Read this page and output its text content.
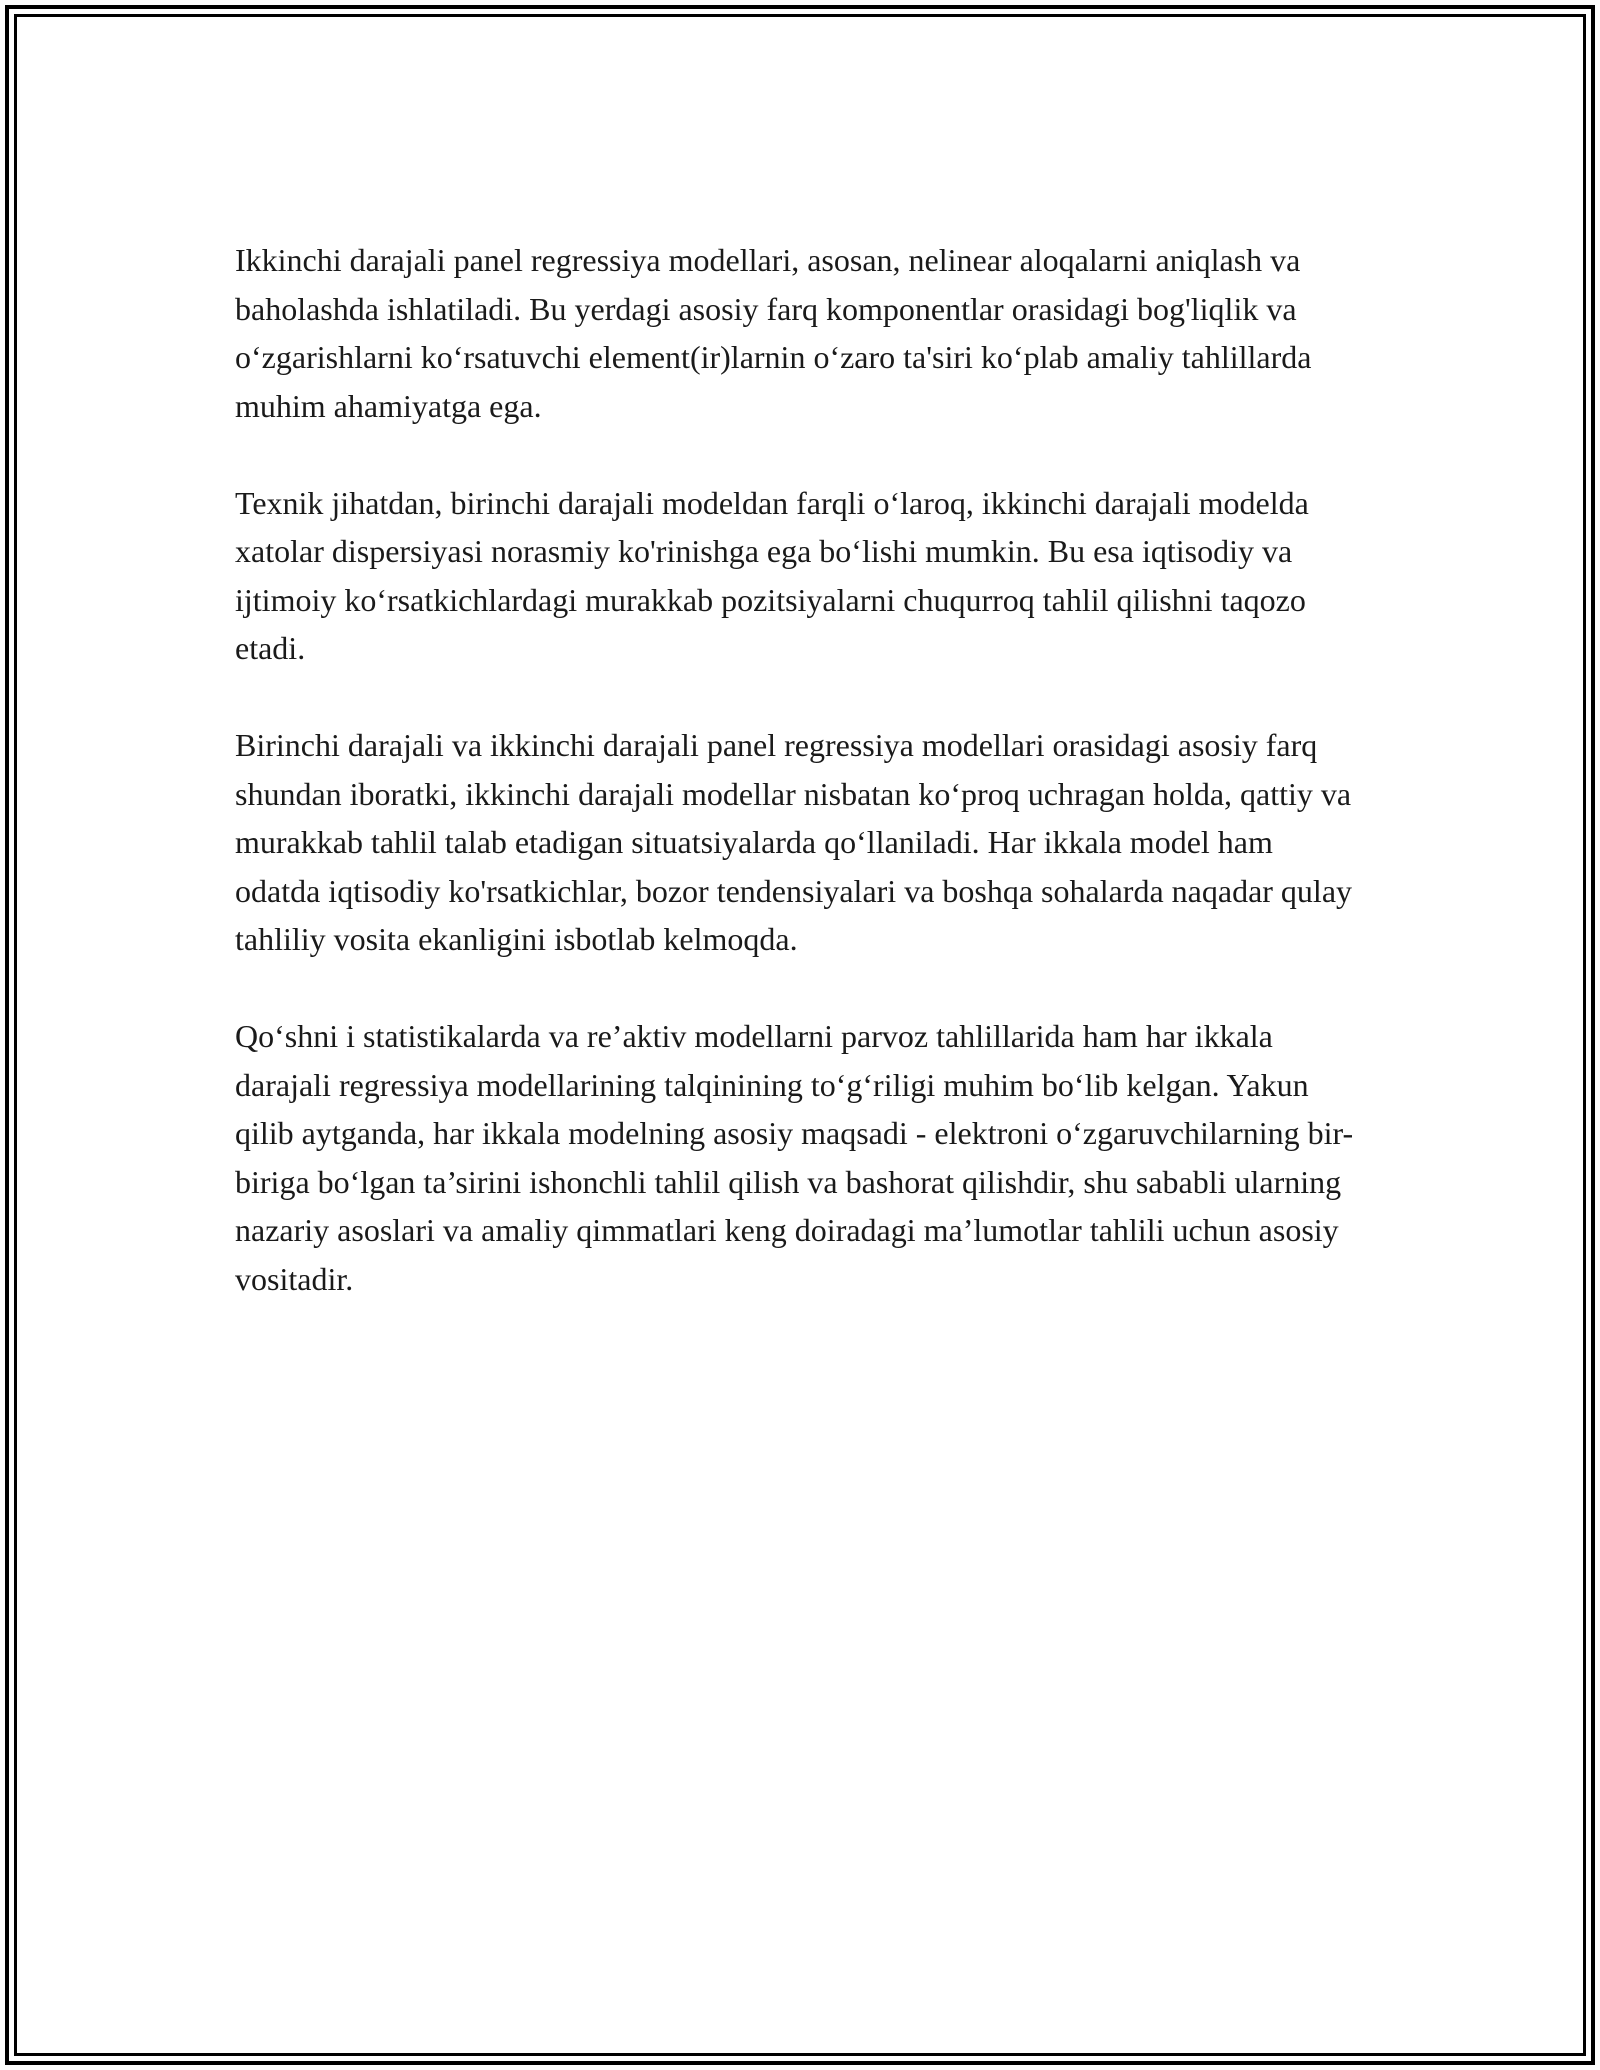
Ikkinchi darajali panel regressiya modellari, asosan, nelinear aloqalarni aniqlash va baholashda ishlatiladi. Bu yerdagi asosiy farq komponentlar orasidagi bog'liqlik va o‘zgarishlarni ko‘rsatuvchi element(ir)larnin o‘zaro ta'siri ko‘plab amaliy tahlillarda muhim ahamiyatga ega.

Texnik jihatdan, birinchi darajali modeldan farqli o‘laroq, ikkinchi darajali modelda xatolar dispersiyasi norasmiy ko'rinishga ega bo‘lishi mumkin. Bu esa iqtisodiy va ijtimoiy ko‘rsatkichlardagi murakkab pozitsiyalarni chuqurroq tahlil qilishni taqozo etadi.

Birinchi darajali va ikkinchi darajali panel regressiya modellari orasidagi asosiy farq shundan iboratki, ikkinchi darajali modellar nisbatan ko‘proq uchragan holda, qattiy va murakkab tahlil talab etadigan situatsiyalarda qo‘llaniladi. Har ikkala model ham odatda iqtisodiy ko'rsatkichlar, bozor tendensiyalari va boshqa sohalarda naqadar qulay tahliliy vosita ekanligini isbotlab kelmoqda.

Qo‘shni i statistikalarda va re’aktiv modellarni parvoz tahlillarida ham har ikkala darajali regressiya modellarining talqinining to‘g‘riligi muhim bo‘lib kelgan. Yakun qilib aytganda, har ikkala modelning asosiy maqsadi - elektroni o‘zgaruvchilarning bir-biriga bo‘lgan ta’sirini ishonchli tahlil qilish va bashorat qilishdir, shu sababli ularning nazariy asoslari va amaliy qimmatlari keng doiradagi ma’lumotlar tahlili uchun asosiy vositadir.
